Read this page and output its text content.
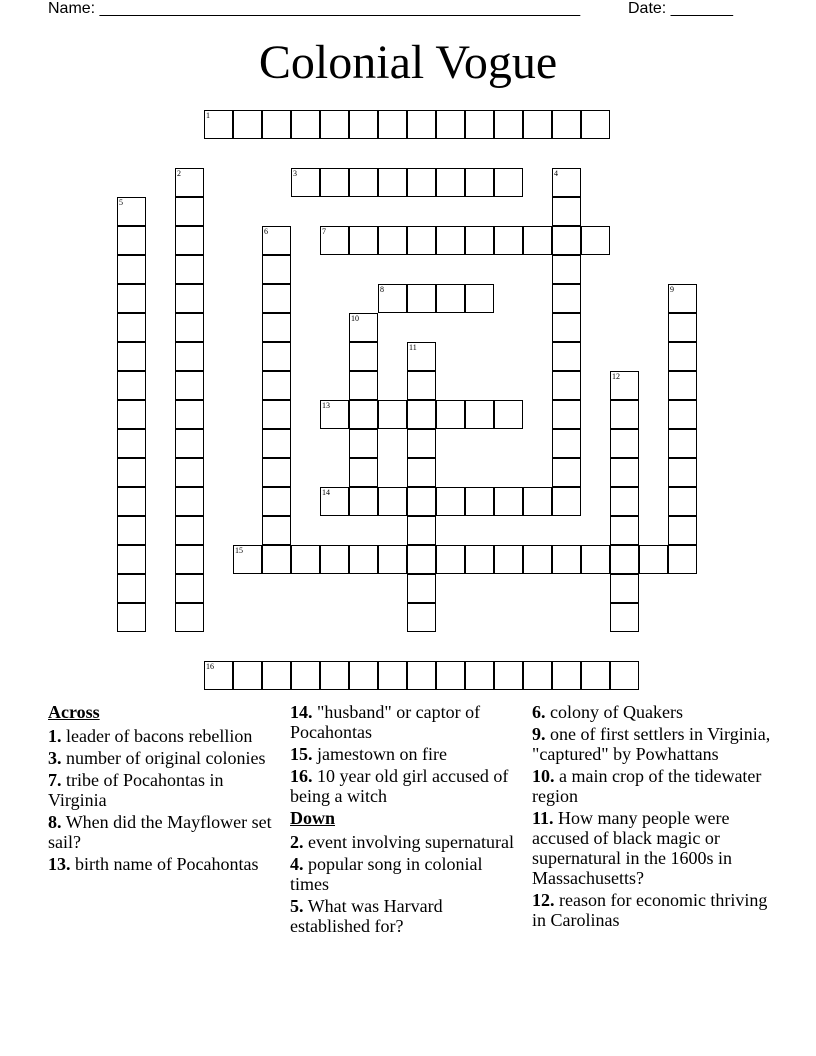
Name: ______________________________________________________	Date: _______
Colonial Vogue
1
2	3	4
5
6	7
8	9
10
11
12
13
14
15
16
Across
1. leader of bacons rebellion
3. number of original colonies
7. tribe of Pocahontas in Virginia
8. When did the Mayflower set sail?
13. birth name of Pocahontas
14. "husband" or captor of Pocahontas
15. jamestown on fire
16. 10 year old girl accused of being a witch
Down
2. event involving supernatural
4. popular song in colonial times
5. What was Harvard established for?
6. colony of Quakers
9. one of first settlers in Virginia, "captured" by Powhattans
10. a main crop of the tidewater region
11. How many people were accused of black magic or supernatural in the 1600s in Massachusetts?
12. reason for economic thriving in Carolinas
